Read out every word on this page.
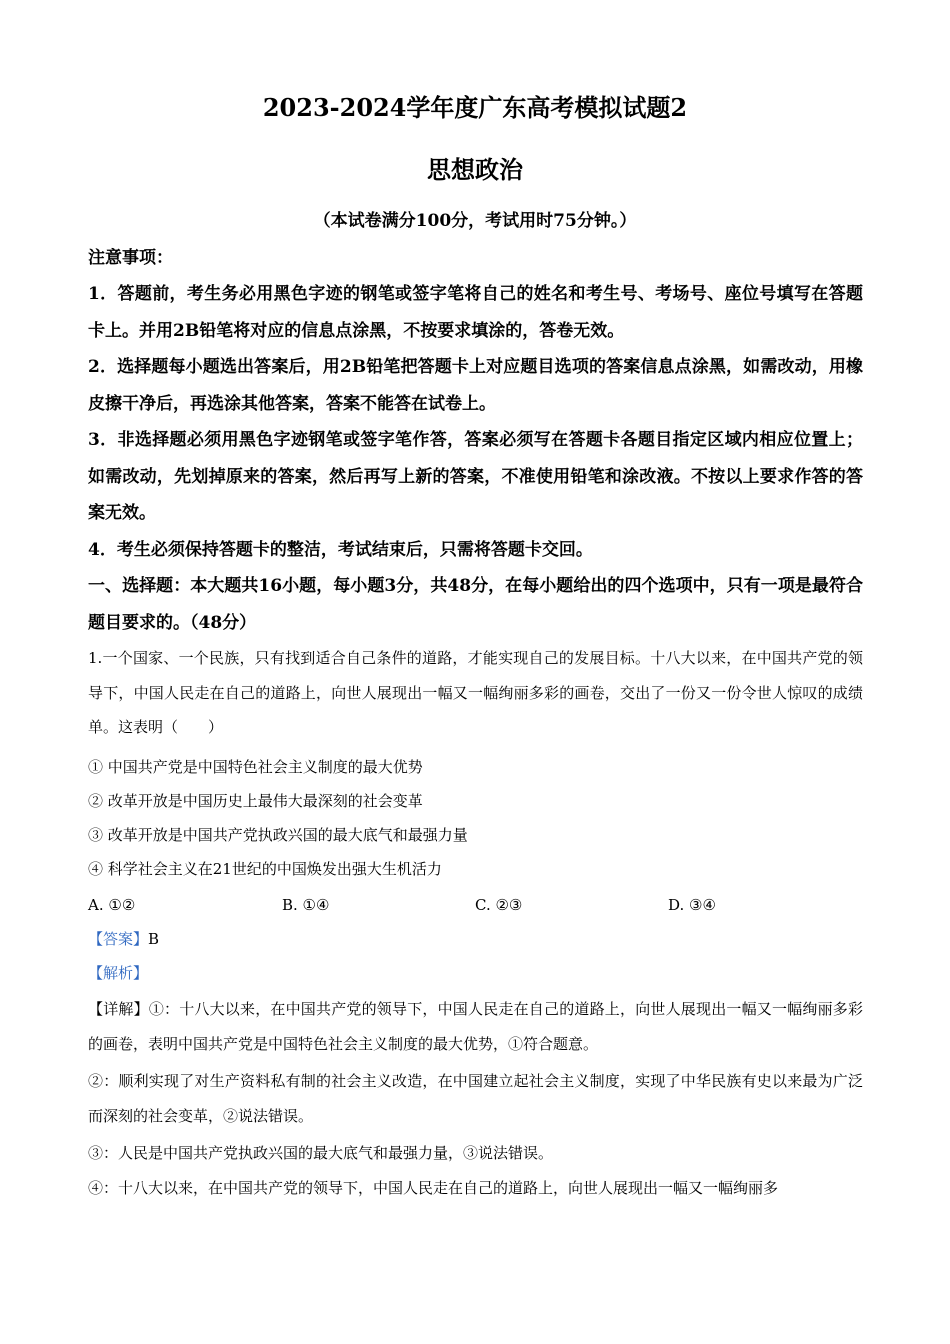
2023-2024学年度广东高考模拟试题2
思想政治
（本试卷满分100分，考试用时75分钟。）
注意事项：
1．答题前，考生务必用黑色字迹的钢笔或签字笔将自己的姓名和考生号、考场号、座位号填写在答题卡上。并用2B铅笔将对应的信息点涂黑，不按要求填涂的，答卷无效。
2．选择题每小题选出答案后，用2B铅笔把答题卡上对应题目选项的答案信息点涂黑，如需改动，用橡皮擦干净后，再选涂其他答案，答案不能答在试卷上。
3．非选择题必须用黑色字迹钢笔或签字笔作答，答案必须写在答题卡各题目指定区域内相应位置上；如需改动，先划掉原来的答案，然后再写上新的答案，不准使用铅笔和涂改液。不按以上要求作答的答案无效。
4．考生必须保持答题卡的整洁，考试结束后，只需将答题卡交回。
一、选择题：本大题共16小题，每小题3分，共48分，在每小题给出的四个选项中，只有一项是最符合题目要求的。（48分）
1.一个国家、一个民族，只有找到适合自己条件的道路，才能实现自己的发展目标。十八大以来，在中国共产党的领导下，中国人民走在自己的道路上，向世人展现出一幅又一幅绚丽多彩的画卷，交出了一份又一份令世人惊叹的成绩单。这表明（　　）
① 中国共产党是中国特色社会主义制度的最大优势
② 改革开放是中国历史上最伟大最深刻的社会变革
③ 改革开放是中国共产党执政兴国的最大底气和最强力量
④ 科学社会主义在21世纪的中国焕发出强大生机活力
A. ①②	B. ①④	C. ②③	D. ③④
【答案】B
【解析】
【详解】①：十八大以来，在中国共产党的领导下，中国人民走在自己的道路上，向世人展现出一幅又一幅绚丽多彩的画卷，表明中国共产党是中国特色社会主义制度的最大优势，①符合题意。
②：顺利实现了对生产资料私有制的社会主义改造，在中国建立起社会主义制度，实现了中华民族有史以来最为广泛而深刻的社会变革，②说法错误。
③：人民是中国共产党执政兴国的最大底气和最强力量，③说法错误。
④：十八大以来，在中国共产党的领导下，中国人民走在自己的道路上，向世人展现出一幅又一幅绚丽多
